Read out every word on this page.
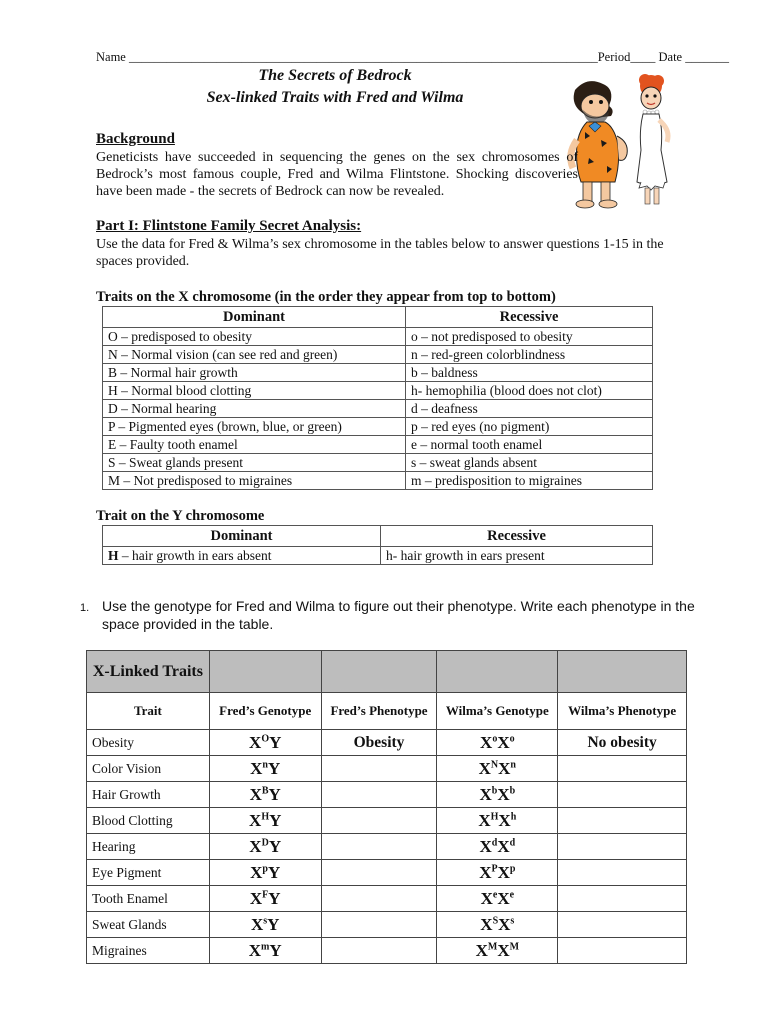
Name ___________________________________________________________________________Period____ Date _______
The Secrets of Bedrock
Sex-linked Traits with Fred and Wilma
Background
Geneticists have succeeded in sequencing the genes on the sex chromosomes of Bedrock’s most famous couple, Fred and Wilma Flintstone. Shocking discoveries have been made - the secrets of Bedrock can now be revealed.
Part I: Flintstone Family Secret Analysis:
Use the data for Fred & Wilma’s sex chromosome in the tables below to answer questions 1-15 in the spaces provided.
Traits on the X chromosome (in the order they appear from top to bottom)
Dominant	Recessive
O – predisposed to obesity	o – not predisposed to obesity
N – Normal vision (can see red and green)	n – red-green colorblindness
B – Normal hair growth	b – baldness
H – Normal blood clotting	h- hemophilia (blood does not clot)
D – Normal hearing	d – deafness
P – Pigmented eyes (brown, blue, or green)	p – red eyes (no pigment)
E – Faulty tooth enamel	e – normal tooth enamel
S – Sweat glands present	s – sweat glands absent
M – Not predisposed to migraines	m – predisposition to migraines
Trait on the Y chromosome
Dominant	Recessive
H – hair growth in ears absent	h- hair growth in ears present
1. Use the genotype for Fred and Wilma to figure out their phenotype. Write each phenotype in the space provided in the table.
X-Linked Traits				
Trait	Fred’s Genotype	Fred’s Phenotype	Wilma’s Genotype	Wilma’s Phenotype
Obesity	$X^OY$	Obesity	$X^oX^o$	No obesity
Color Vision	$X^nY$		$X^NX^n$	
Hair Growth	$X^BY$		$X^bX^b$	
Blood Clotting	$X^HY$		$X^HX^h$	
Hearing	$X^DY$		$X^dX^d$	
Eye Pigment	$X^pY$		$X^PX^p$	
Tooth Enamel	$X^FY$		XeXe	
Sweat Glands	$X^sY$		$X^SX^s$	
Migraines	$X^mY$		$X^MX^M$	
